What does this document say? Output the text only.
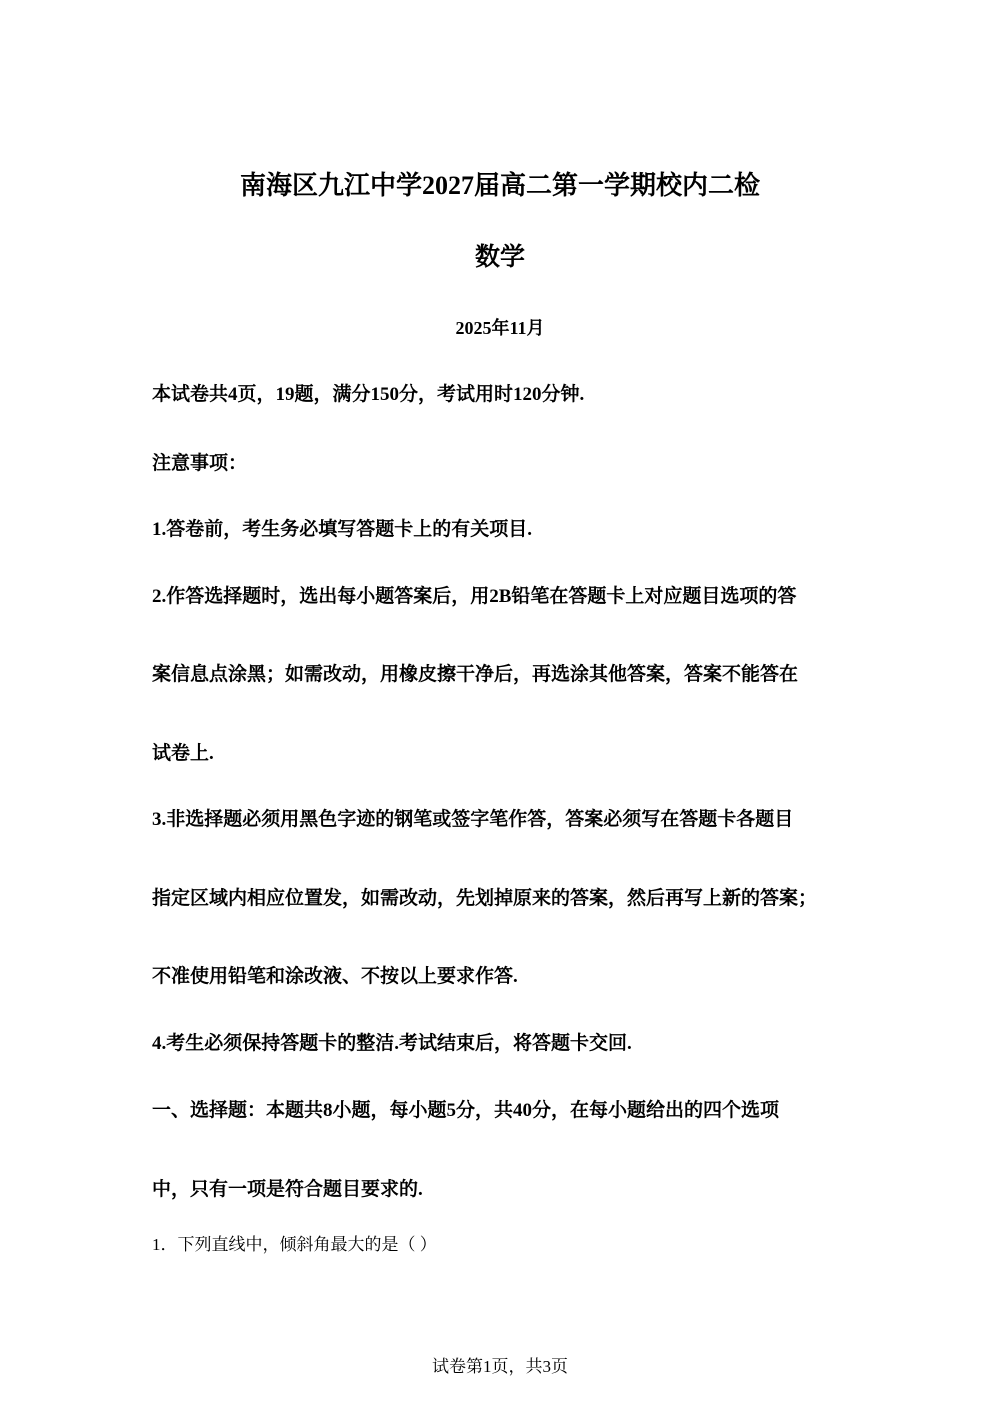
南海区九江中学2027届高二第一学期校内二检
数学
2025年11月
本试卷共4页，19题，满分150分，考试用时120分钟.
注意事项：
1.答卷前，考生务必填写答题卡上的有关项目.
2.作答选择题时，选出每小题答案后，用2B铅笔在答题卡上对应题目选项的答
案信息点涂黑；如需改动，用橡皮擦干净后，再选涂其他答案，答案不能答在
试卷上.
3.非选择题必须用黑色字迹的钢笔或签字笔作答，答案必须写在答题卡各题目
指定区域内相应位置发，如需改动，先划掉原来的答案，然后再写上新的答案；
不准使用铅笔和涂改液、不按以上要求作答.
4.考生必须保持答题卡的整洁.考试结束后，将答题卡交回.
一、选择题：本题共8小题，每小题5分，共40分，在每小题给出的四个选项
中，只有一项是符合题目要求的.
1．下列直线中，倾斜角最大的是（ ）
试卷第1页，共3页
